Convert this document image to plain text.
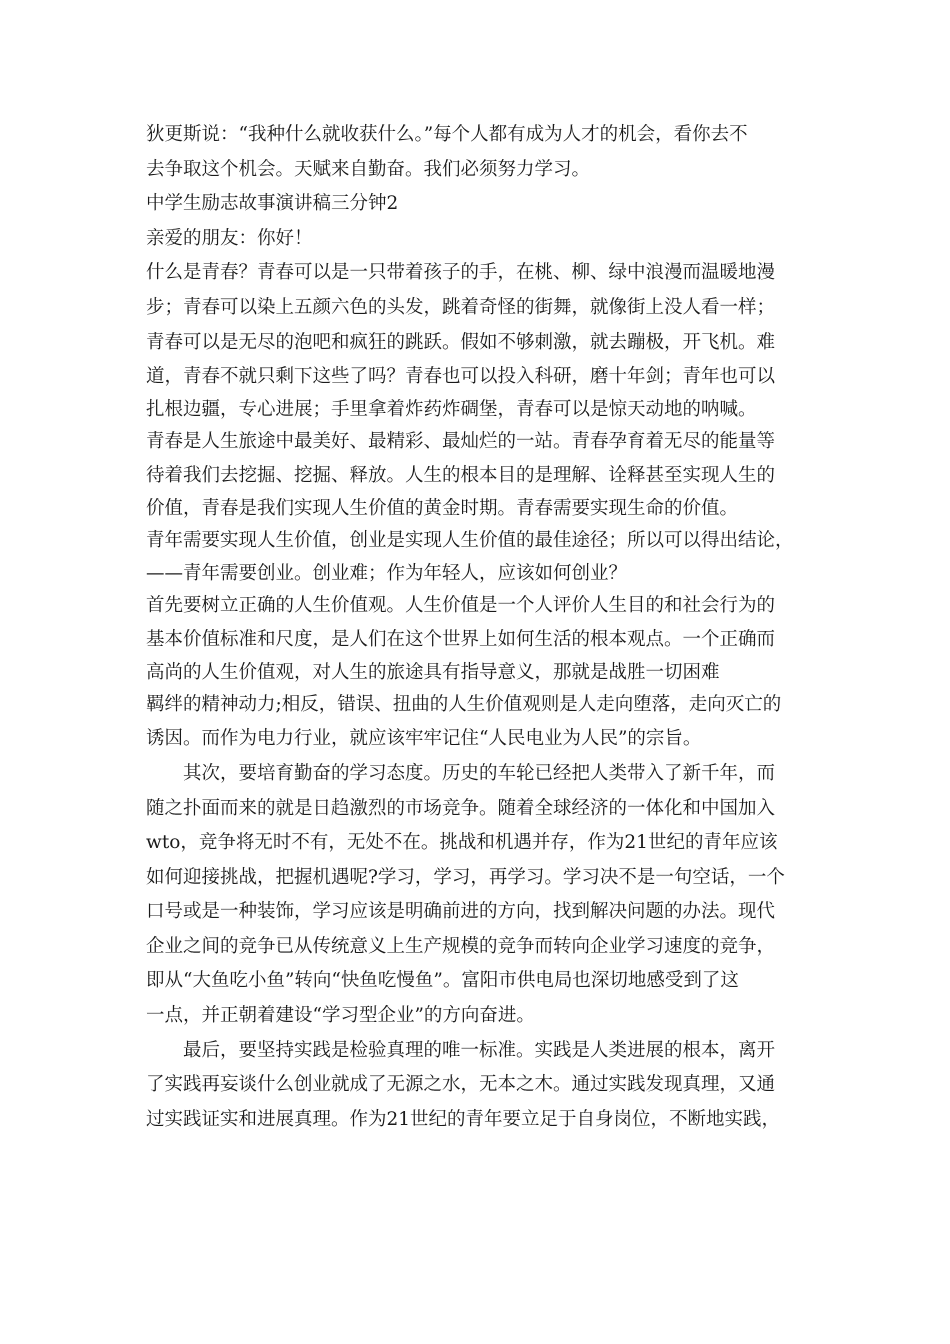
狄更斯说：“我种什么就收获什么。”每个人都有成为人才的机会，看你去不
去争取这个机会。天赋来自勤奋。我们必须努力学习。
中学生励志故事演讲稿三分钟2
亲爱的朋友：你好！
什么是青春？青春可以是一只带着孩子的手，在桃、柳、绿中浪漫而温暖地漫
步；青春可以染上五颜六色的头发，跳着奇怪的街舞，就像街上没人看一样；
青春可以是无尽的泡吧和疯狂的跳跃。假如不够刺激，就去蹦极，开飞机。难
道，青春不就只剩下这些了吗？青春也可以投入科研，磨十年剑；青年也可以
扎根边疆，专心进展；手里拿着炸药炸碉堡，青春可以是惊天动地的呐喊。
青春是人生旅途中最美好、最精彩、最灿烂的一站。青春孕育着无尽的能量等
待着我们去挖掘、挖掘、释放。人生的根本目的是理解、诠释甚至实现人生的
价值，青春是我们实现人生价值的黄金时期。青春需要实现生命的价值。
青年需要实现人生价值，创业是实现人生价值的最佳途径；所以可以得出结论，
——青年需要创业。创业难；作为年轻人，应该如何创业？
首先要树立正确的人生价值观。人生价值是一个人评价人生目的和社会行为的
基本价值标准和尺度，是人们在这个世界上如何生活的根本观点。一个正确而
高尚的人生价值观，对人生的旅途具有指导意义，那就是战胜一切困难
羁绊的精神动力;相反，错误、扭曲的人生价值观则是人走向堕落，走向灭亡的
诱因。而作为电力行业，就应该牢牢记住“人民电业为人民”的宗旨。
其次，要培育勤奋的学习态度。历史的车轮已经把人类带入了新千年，而
随之扑面而来的就是日趋激烈的市场竞争。随着全球经济的一体化和中国加入
wto，竞争将无时不有，无处不在。挑战和机遇并存，作为21世纪的青年应该
如何迎接挑战，把握机遇呢?学习，学习，再学习。学习决不是一句空话，一个
口号或是一种装饰，学习应该是明确前进的方向，找到解决问题的办法。现代
企业之间的竞争已从传统意义上生产规模的竞争而转向企业学习速度的竞争，
即从“大鱼吃小鱼”转向“快鱼吃慢鱼”。富阳市供电局也深切地感受到了这
一点，并正朝着建设“学习型企业”的方向奋进。
最后，要坚持实践是检验真理的唯一标准。实践是人类进展的根本，离开
了实践再妄谈什么创业就成了无源之水，无本之木。通过实践发现真理，又通
过实践证实和进展真理。作为21世纪的青年要立足于自身岗位，不断地实践，
